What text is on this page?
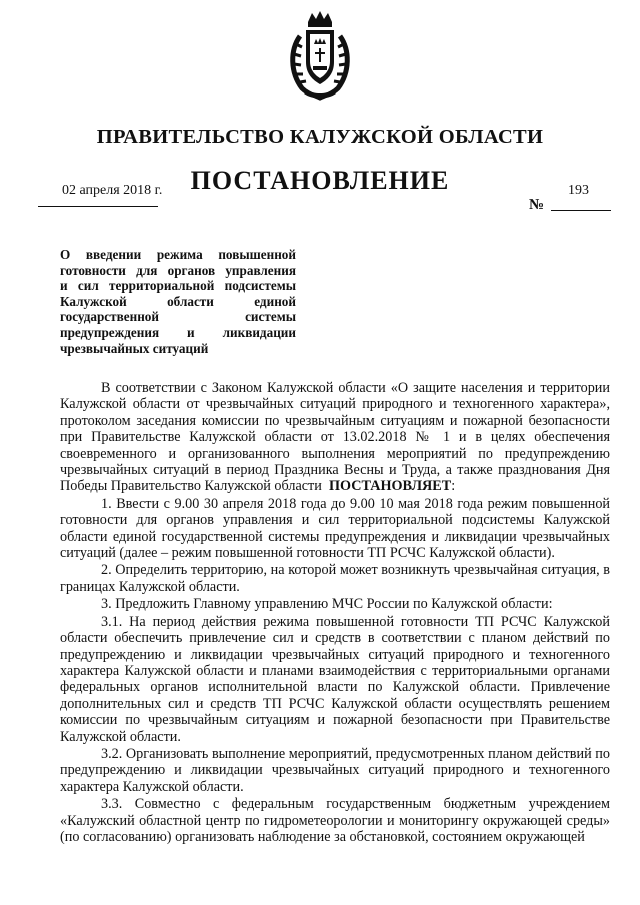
ПРАВИТЕЛЬСТВО КАЛУЖСКОЙ ОБЛАСТИ
ПОСТАНОВЛЕНИЕ
02 апреля 2018 г.
№
193
О введении режима повышенной
готовности для органов управления
и сил территориальной подсистемы
Калужской области единой
государственной системы
предупреждения и ликвидации
чрезвычайных ситуаций

В соответствии с Законом Калужской области «О защите населения и территории Калужской области от чрезвычайных ситуаций природного и техногенного характера», протоколом заседания комиссии по чрезвычайным ситуациям и пожарной безопасности при Правительстве Калужской области от 13.02.2018 № 1 и в целях обеспечения своевременного и организованного выполнения мероприятий по предупреждению чрезвычайных ситуаций в период Праздника Весны и Труда, а также празднования Дня Победы Правительство Калужской области ПОСТАНОВЛЯЕТ:

1. Ввести с 9.00 30 апреля 2018 года до 9.00 10 мая 2018 года режим повышенной готовности для органов управления и сил территориальной подсистемы Калужской области единой государственной системы предупреждения и ликвидации чрезвычайных ситуаций (далее – режим повышенной готовности ТП РСЧС Калужской области).

2. Определить территорию, на которой может возникнуть чрезвычайная ситуация, в границах Калужской области.

3. Предложить Главному управлению МЧС России по Калужской области:

3.1. На период действия режима повышенной готовности ТП РСЧС Калужской области обеспечить привлечение сил и средств в соответствии с планом действий по предупреждению и ликвидации чрезвычайных ситуаций природного и техногенного характера Калужской области и планами взаимодействия с территориальными органами федеральных органов исполнительной власти по Калужской области. Привлечение дополнительных сил и средств ТП РСЧС Калужской области осуществлять решением комиссии по чрезвычайным ситуациям и пожарной безопасности при Правительстве Калужской области.

3.2. Организовать выполнение мероприятий, предусмотренных планом действий по предупреждению и ликвидации чрезвычайных ситуаций природного и техногенного характера Калужской области.

3.3. Совместно с федеральным государственным бюджетным учреждением «Калужский областной центр по гидрометеорологии и мониторингу окружающей среды» (по согласованию) организовать наблюдение за обстановкой, состоянием окружающей
